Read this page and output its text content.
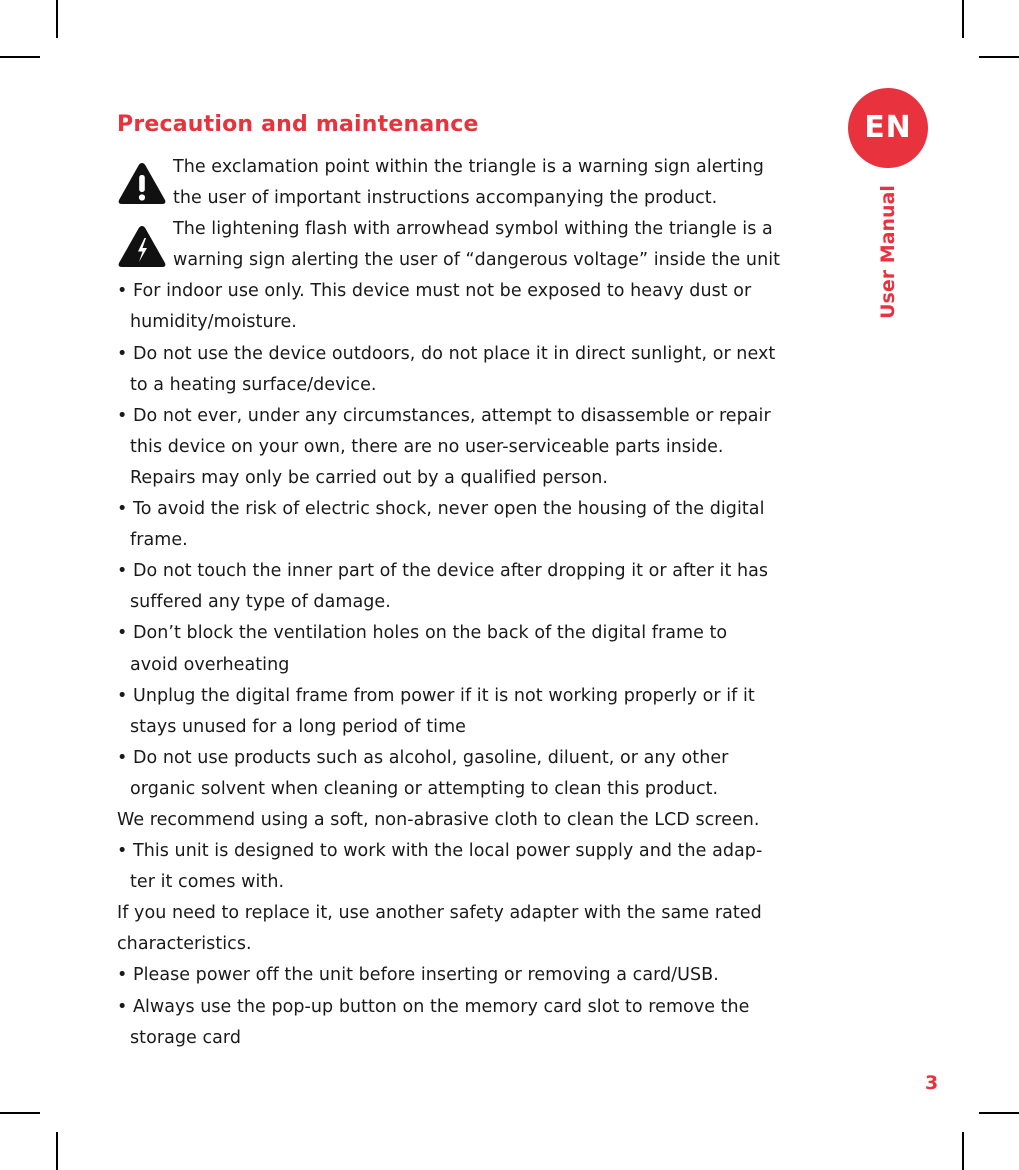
Precaution and maintenance
The exclamation point within the triangle is a warning sign alerting
the user of important instructions accompanying the product.
The lightening flash with arrowhead symbol withing the triangle is a
warning sign alerting the user of “dangerous voltage” inside the unit
• For indoor use only. This device must not be exposed to heavy dust or
humidity/moisture.
• Do not use the device outdoors, do not place it in direct sunlight, or next
to a heating surface/device.
• Do not ever, under any circumstances, attempt to disassemble or repair
this device on your own, there are no user-serviceable parts inside.
Repairs may only be carried out by a qualified person.
• To avoid the risk of electric shock, never open the housing of the digital
frame.
• Do not touch the inner part of the device after dropping it or after it has
suffered any type of damage.
• Don’t block the ventilation holes on the back of the digital frame to
avoid overheating
• Unplug the digital frame from power if it is not working properly or if it
stays unused for a long period of time
• Do not use products such as alcohol, gasoline, diluent, or any other
organic solvent when cleaning or attempting to clean this product.
We recommend using a soft, non-abrasive cloth to clean the LCD screen.
• This unit is designed to work with the local power supply and the adap-
ter it comes with.
If you need to replace it, use another safety adapter with the same rated
characteristics.
• Please power off the unit before inserting or removing a card/USB.
• Always use the pop-up button on the memory card slot to remove the
storage card
EN
User Manual
3
